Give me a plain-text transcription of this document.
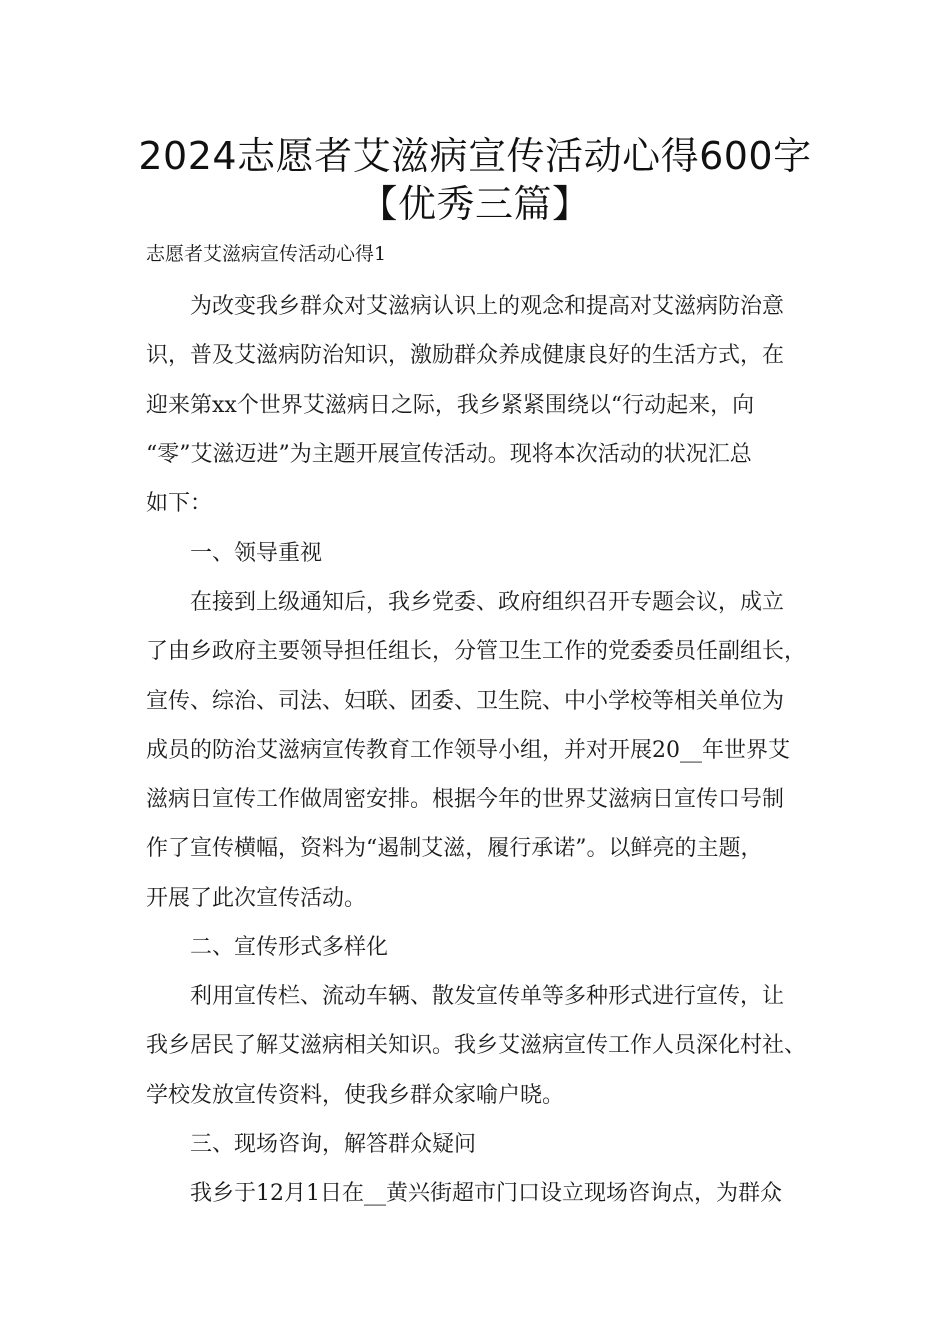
2024志愿者艾滋病宣传活动心得600字
【优秀三篇】
志愿者艾滋病宣传活动心得1
　　为改变我乡群众对艾滋病认识上的观念和提高对艾滋病防治意
识，普及艾滋病防治知识，激励群众养成健康良好的生活方式，在
迎来第xx个世界艾滋病日之际，我乡紧紧围绕以“行动起来，向
“零”艾滋迈进”为主题开展宣传活动。现将本次活动的状况汇总
如下：
一、领导重视
　　在接到上级通知后，我乡党委、政府组织召开专题会议，成立
了由乡政府主要领导担任组长，分管卫生工作的党委委员任副组长，
宣传、综治、司法、妇联、团委、卫生院、中小学校等相关单位为
成员的防治艾滋病宣传教育工作领导小组，并对开展20__年世界艾
滋病日宣传工作做周密安排。根据今年的世界艾滋病日宣传口号制
作了宣传横幅，资料为“遏制艾滋，履行承诺”。以鲜亮的主题，
开展了此次宣传活动。
二、宣传形式多样化
　　利用宣传栏、流动车辆、散发宣传单等多种形式进行宣传，让
我乡居民了解艾滋病相关知识。我乡艾滋病宣传工作人员深化村社、
学校发放宣传资料，使我乡群众家喻户晓。
三、现场咨询，解答群众疑问
　　我乡于12月1日在__黄兴街超市门口设立现场咨询点，为群众
